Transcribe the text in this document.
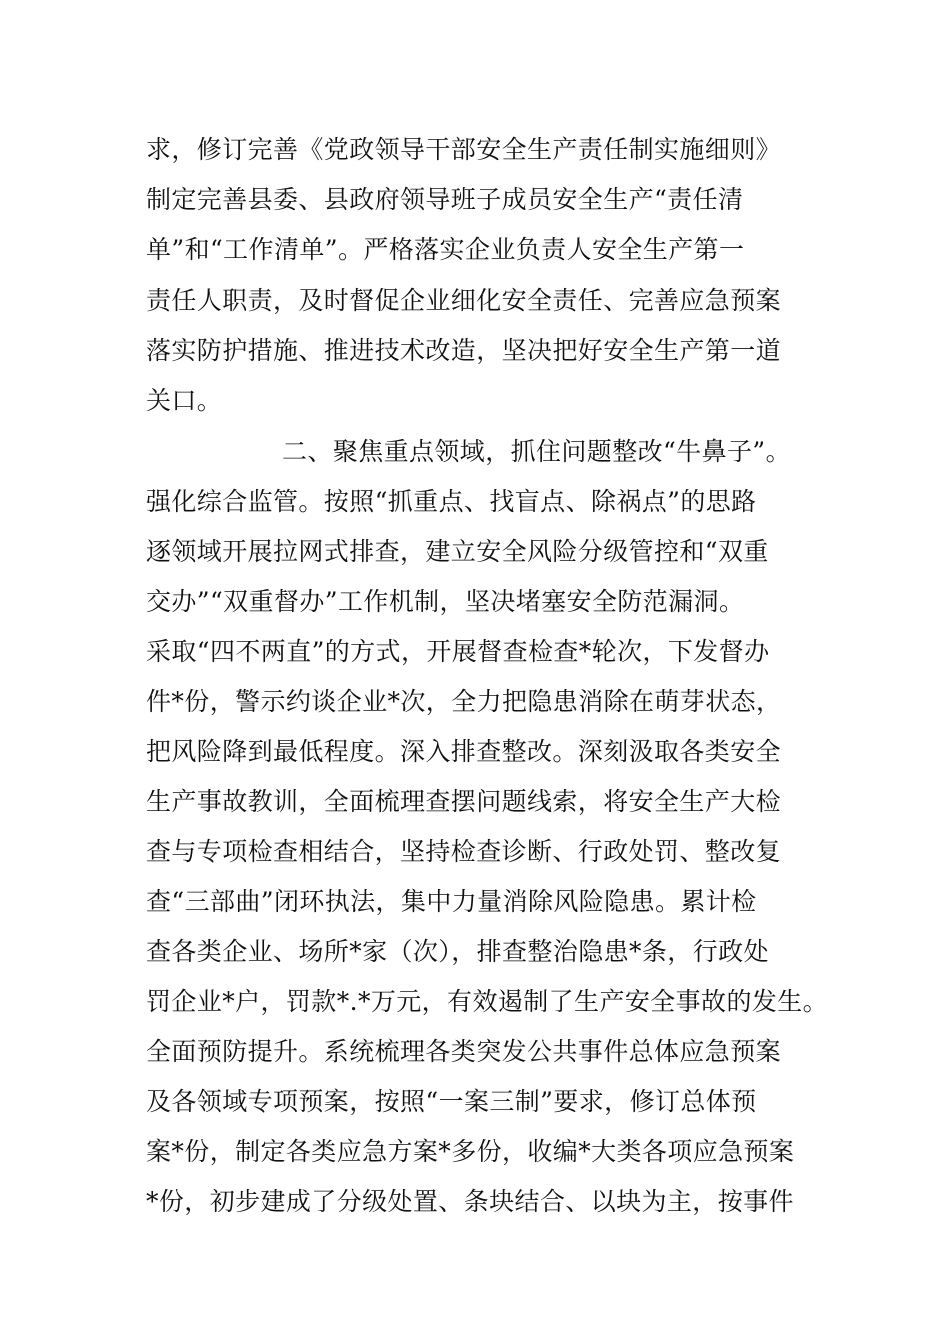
求，修订完善《党政领导干部安全生产责任制实施细则》
制定完善县委、县政府领导班子成员安全生产“责任清
单”和“工作清单”。严格落实企业负责人安全生产第一
责任人职责，及时督促企业细化安全责任、完善应急预案
落实防护措施、推进技术改造，坚决把好安全生产第一道
关口。
二、聚焦重点领域，抓住问题整改“牛鼻子”。
强化综合监管。按照“抓重点、找盲点、除祸点”的思路
逐领域开展拉网式排查，建立安全风险分级管控和“双重
交办”“双重督办”工作机制，坚决堵塞安全防范漏洞。
采取“四不两直”的方式，开展督查检查*轮次，下发督办
件*份，警示约谈企业*次，全力把隐患消除在萌芽状态，
把风险降到最低程度。深入排查整改。深刻汲取各类安全
生产事故教训，全面梳理查摆问题线索，将安全生产大检
查与专项检查相结合，坚持检查诊断、行政处罚、整改复
查“三部曲”闭环执法，集中力量消除风险隐患。累计检
查各类企业、场所*家（次），排查整治隐患*条，行政处
罚企业*户，罚款*.*万元，有效遏制了生产安全事故的发生。
全面预防提升。系统梳理各类突发公共事件总体应急预案
及各领域专项预案，按照“一案三制”要求，修订总体预
案*份，制定各类应急方案*多份，收编*大类各项应急预案
*份，初步建成了分级处置、条块结合、以块为主，按事件
